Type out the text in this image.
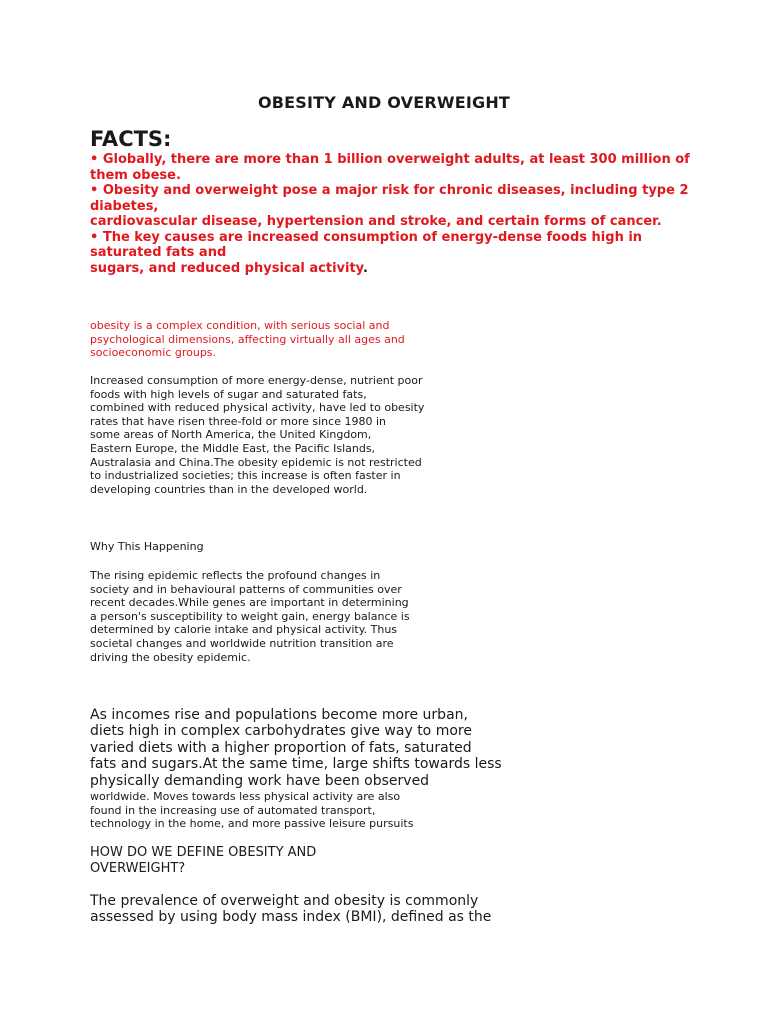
OBESITY AND OVERWEIGHT
FACTS:
• Globally, there are more than 1 billion overweight adults, at least 300 million of
them obese.
• Obesity and overweight pose a major risk for chronic diseases, including type 2
diabetes,
cardiovascular disease, hypertension and stroke, and certain forms of cancer.
• The key causes are increased consumption of energy-dense foods high in
saturated fats and
sugars, and reduced physical activity.
obesity is a complex condition, with serious social and
psychological dimensions, affecting virtually all ages and
socioeconomic groups.
Increased consumption of more energy-dense, nutrient poor
foods with high levels of sugar and saturated fats,
combined with reduced physical activity, have led to obesity
rates that have risen three-fold or more since 1980 in
some areas of North America, the United Kingdom,
Eastern Europe, the Middle East, the Pacific Islands,
Australasia and China.The obesity epidemic is not restricted
to industrialized societies; this increase is often faster in
developing countries than in the developed world.
Why This Happening
The rising epidemic reflects the profound changes in
society and in behavioural patterns of communities over
recent decades.While genes are important in determining
a person's susceptibility to weight gain, energy balance is
determined by calorie intake and physical activity. Thus
societal changes and worldwide nutrition transition are
driving the obesity epidemic.
As incomes rise and populations become more urban,
diets high in complex carbohydrates give way to more
varied diets with a higher proportion of fats, saturated
fats and sugars.At the same time, large shifts towards less
physically demanding work have been observed
worldwide. Moves towards less physical activity are also
found in the increasing use of automated transport,
technology in the home, and more passive leisure pursuits
HOW DO WE DEFINE OBESITY AND
OVERWEIGHT?
The prevalence of overweight and obesity is commonly
assessed by using body mass index (BMI), defined as the
